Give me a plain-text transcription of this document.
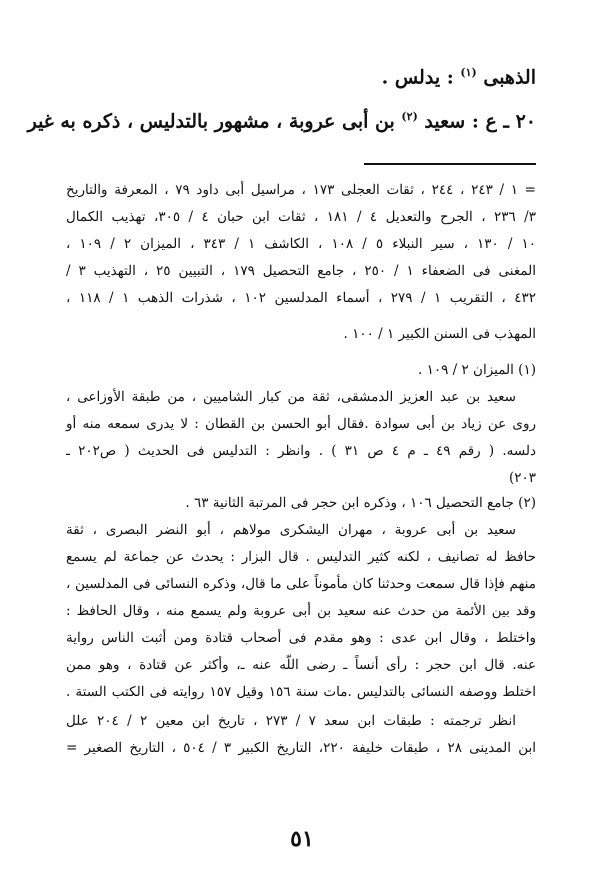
الذهبى $^{(١)}$ : يدلس .
٢٠ ـ ع : سعيد $^{(٢)}$ بن أبى عروبة ، مشهور بالتدليس ، ذكره به غير
= ١ / ٢٤٣ ، ٢٤٤ ، ثقات العجلى ١٧٣ ، مراسيل أبى داود ٧٩ ، المعرفة والتاريخ
٣/ ٢٣٦ ، الجرح والتعديل ٤ / ١٨١ ، ثقات ابن حبان ٤ / ٣٠٥، تهذيب الكمال
١٠ / ١٣٠ ، سير النبلاء ٥ / ١٠٨ ، الكاشف ١ / ٣٤٣ ، الميزان ٢ / ١٠٩ ،
المغنى فى الضعفاء ١ / ٢٥٠ ، جامع التحصيل ١٧٩ ، التبيين ٢٥ ، التهذيب ٣ /
٤٣٢ ، التقريب ١ / ٢٧٩ ، أسماء المدلسين ١٠٢ ، شذرات الذهب ١ / ١١٨ ،
المهذب فى السنن الكبير ١ / ١٠٠ .
(١) الميزان ٢ / ١٠٩ .
سعيد بن عبد العزيز الدمشقى، ثقة من كبار الشاميين ، من طبقة الأوزاعى ،
روى عن زياد بن أبى سوادة .فقال أبو الحسن بن القطان : لا يدرى سمعه منه أو
دلسه. ( رقم ٤٩ ـ م ٤ ص ٣١ ) . وانظر : التدليس فى الحديث ( ص٢٠٢ ـ
٢٠٣)
(٢) جامع التحصيل ١٠٦ ، وذكره ابن حجر فى المرتبة الثانية ٦٣ .
سعيد بن أبى عروبة ، مهران اليشكرى مولاهم ، أبو النضر البصرى ، ثقة
حافظ له تصانيف ، لكنه كثير التدليس . قال البزار : يحدث عن جماعة لم يسمع
منهم فإذا قال سمعت وحدثنا كان مأموناً على ما قال، وذكره النسائى فى المدلسين ،
وقد بين الأئمة من حدث عنه سعيد بن أبى عروبة ولم يسمع منه ، وقال الحافظ :
واختلط ، وقال ابن عدى : وهو مقدم فى أصحاب قتادة ومن أثبت الناس رواية
عنه. قال ابن حجر : رأى أنساً ـ رضى اللّه عنه ـ، وأكثر عن قتادة ، وهو ممن
اختلط ووصفه النسائى بالتدليس .مات سنة ١٥٦ وقيل ١٥٧ روايته فى الكتب الستة .
انظر ترجمته : طبقات ابن سعد ٧ / ٢٧٣ ، تاريخ ابن معين ٢ / ٢٠٤ علل
ابن المدينى ٢٨ ، طبقات خليفة ٢٢٠، التاريخ الكبير ٣ / ٥٠٤ ، التاريخ الصغير =
٥١
